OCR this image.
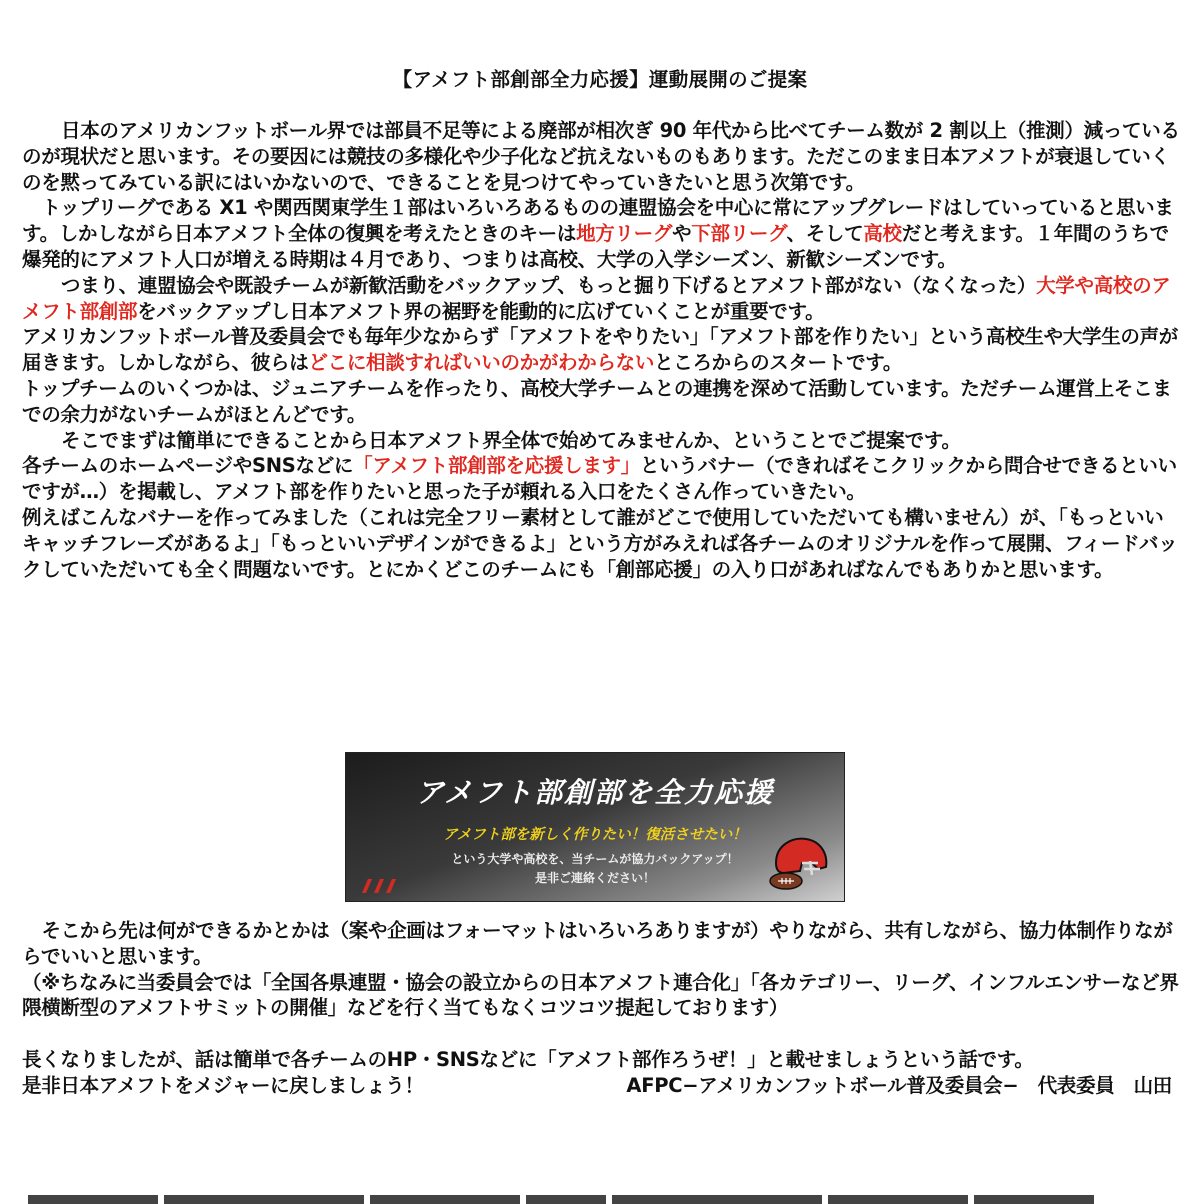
【アメフト部創部全力応援】運動展開のご提案

日本のアメリカンフットボール界では部員不足等による廃部が相次ぎ 90 年代から比べてチーム数が 2 割以上（推測）減っているのが現状だと思います。その要因には競技の多様化や少子化など抗えないものもあります。ただこのまま日本アメフトが衰退していくのを黙ってみている訳にはいかないので、できることを見つけてやっていきたいと思う次第です。

トップリーグである X1 や関西関東学生１部はいろいろあるものの連盟協会を中心に常にアップグレードはしていっていると思います。しかしながら日本アメフト全体の復興を考えたときのキーは地方リーグや下部リーグ、そして高校だと考えます。１年間のうちで爆発的にアメフト人口が増える時期は４月であり、つまりは高校、大学の入学シーズン、新歓シーズンです。

つまり、連盟協会や既設チームが新歓活動をバックアップ、もっと掘り下げるとアメフト部がない（なくなった）大学や高校のアメフト部創部をバックアップし日本アメフト界の裾野を能動的に広げていくことが重要です。

アメリカンフットボール普及委員会でも毎年少なからず「アメフトをやりたい」「アメフト部を作りたい」という高校生や大学生の声が届きます。しかしながら、彼らはどこに相談すればいいのかがわからないところからのスタートです。

トップチームのいくつかは、ジュニアチームを作ったり、高校大学チームとの連携を深めて活動しています。ただチーム運営上そこまでの余力がないチームがほとんどです。

そこでまずは簡単にできることから日本アメフト界全体で始めてみませんか、ということでご提案です。

各チームのホームページやSNSなどに「アメフト部創部を応援します」というバナー（できればそこクリックから問合せできるといいですが…）を掲載し、アメフト部を作りたいと思った子が頼れる入口をたくさん作っていきたい。

例えばこんなバナーを作ってみました（これは完全フリー素材として誰がどこで使用していただいても構いません）が、「もっといいキャッチフレーズがあるよ」「もっといいデザインができるよ」という方がみえれば各チームのオリジナルを作って展開、フィードバックしていただいても全く問題ないです。とにかくどこのチームにも「創部応援」の入り口があればなんでもありかと思います。

アメフト部創部を全力応援
アメフト部を新しく作りたい！復活させたい！
という大学や高校を、当チームが協力バックアップ！
是非ご連絡ください！

そこから先は何ができるかとかは（案や企画はフォーマットはいろいろありますが）やりながら、共有しながら、協力体制作りながらでいいと思います。

（※ちなみに当委員会では「全国各県連盟・協会の設立からの日本アメフト連合化」「各カテゴリー、リーグ、インフルエンサーなど界隈横断型のアメフトサミットの開催」などを行く当てもなくコツコツ提起しております）

長くなりましたが、話は簡単で各チームのHP・SNSなどに「アメフト部作ろうぜ！」と載せましょうという話です。

是非日本アメフトをメジャーに戻しましょう！	AFPC−アメリカンフットボール普及委員会−　代表委員　山田
